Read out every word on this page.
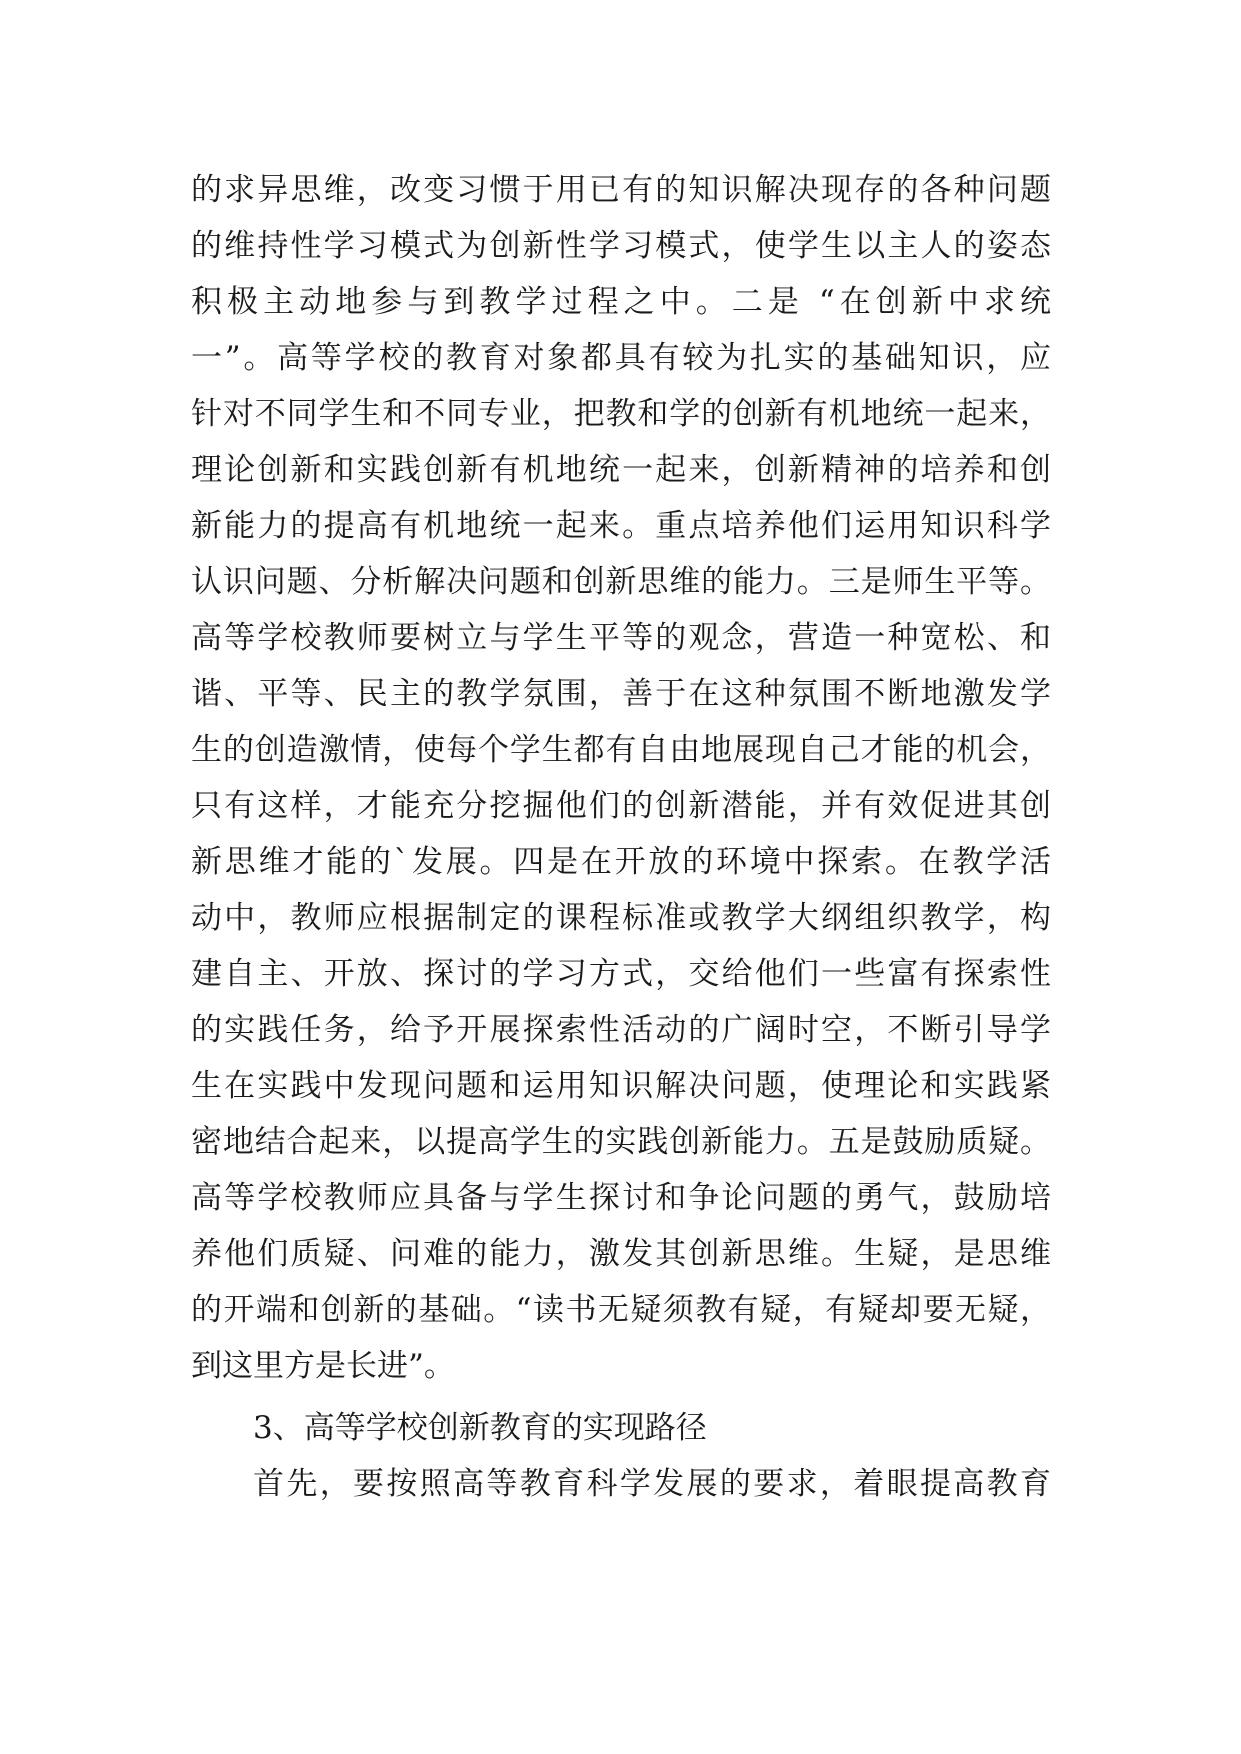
的求异思维，改变习惯于用已有的知识解决现存的各种问题
的维持性学习模式为创新性学习模式，使学生以主人的姿态
积极主动地参与到教学过程之中。二是 “在创新中求统
一”。高等学校的教育对象都具有较为扎实的基础知识，应
针对不同学生和不同专业，把教和学的创新有机地统一起来，
理论创新和实践创新有机地统一起来，创新精神的培养和创
新能力的提高有机地统一起来。重点培养他们运用知识科学
认识问题、分析解决问题和创新思维的能力。三是师生平等。
高等学校教师要树立与学生平等的观念，营造一种宽松、和
谐、平等、民主的教学氛围，善于在这种氛围不断地激发学
生的创造激情，使每个学生都有自由地展现自己才能的机会，
只有这样，才能充分挖掘他们的创新潜能，并有效促进其创
新思维才能的`发展。四是在开放的环境中探索。在教学活
动中，教师应根据制定的课程标准或教学大纲组织教学，构
建自主、开放、探讨的学习方式，交给他们一些富有探索性
的实践任务，给予开展探索性活动的广阔时空，不断引导学
生在实践中发现问题和运用知识解决问题，使理论和实践紧
密地结合起来，以提高学生的实践创新能力。五是鼓励质疑。
高等学校教师应具备与学生探讨和争论问题的勇气，鼓励培
养他们质疑、问难的能力，激发其创新思维。生疑，是思维
的开端和创新的基础。“读书无疑须教有疑，有疑却要无疑，
到这里方是长进”。
3、高等学校创新教育的实现路径
首先，要按照高等教育科学发展的要求，着眼提高教育
